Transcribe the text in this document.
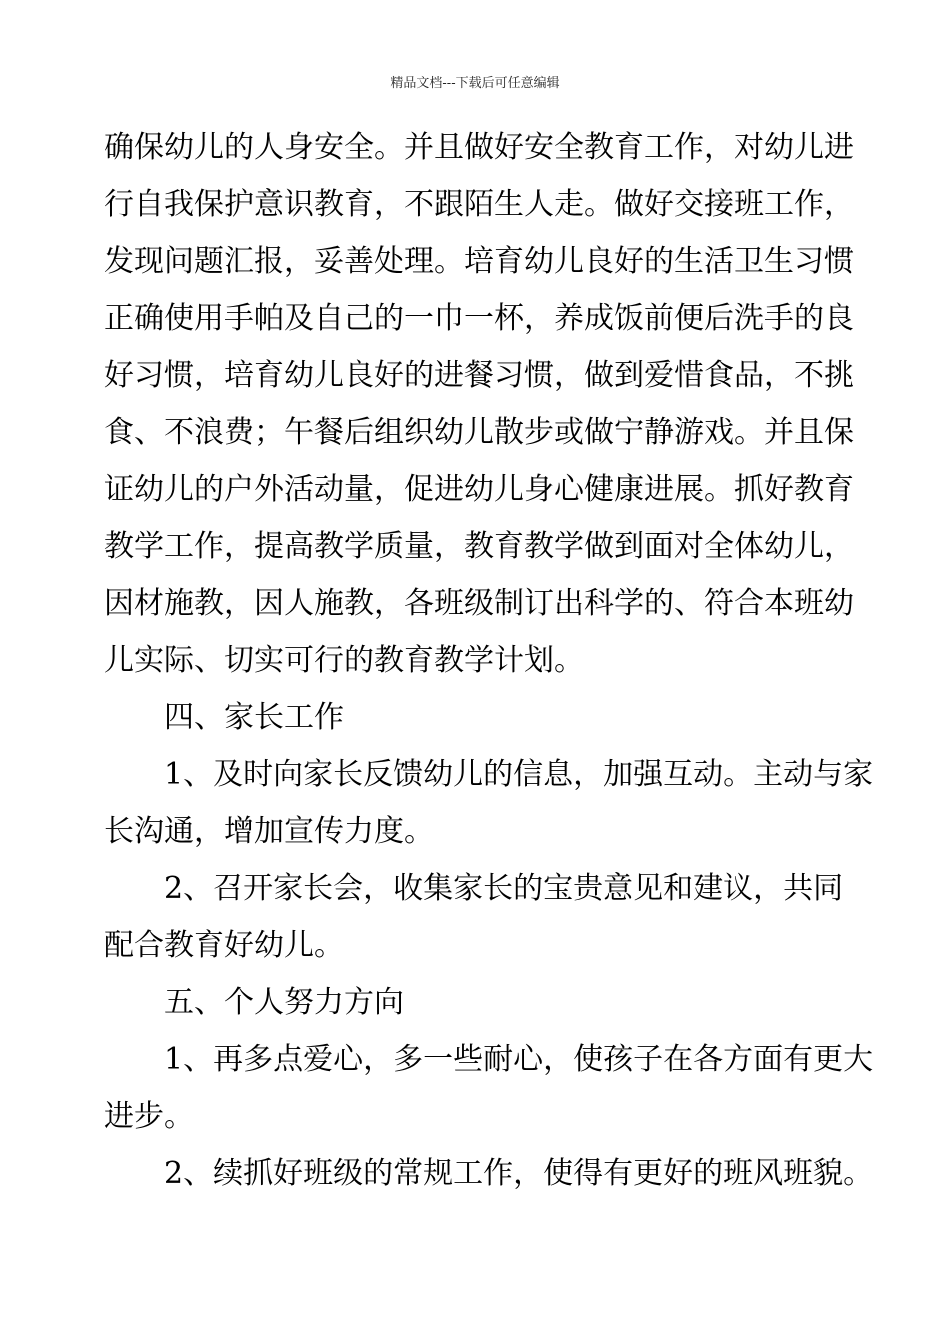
精品文档---下载后可任意编辑
确保幼儿的人身安全。并且做好安全教育工作，对幼儿进
行自我保护意识教育，不跟陌生人走。做好交接班工作，
发现问题汇报，妥善处理。培育幼儿良好的生活卫生习惯
正确使用手帕及自己的一巾一杯，养成饭前便后洗手的良
好习惯，培育幼儿良好的进餐习惯，做到爱惜食品，不挑
食、不浪费；午餐后组织幼儿散步或做宁静游戏。并且保
证幼儿的户外活动量，促进幼儿身心健康进展。抓好教育
教学工作，提高教学质量，教育教学做到面对全体幼儿，
因材施教，因人施教，各班级制订出科学的、符合本班幼
儿实际、切实可行的教育教学计划。
四、家长工作
1、及时向家长反馈幼儿的信息，加强互动。主动与家
长沟通，增加宣传力度。
2、召开家长会，收集家长的宝贵意见和建议，共同
配合教育好幼儿。
五、个人努力方向
1、再多点爱心，多一些耐心，使孩子在各方面有更大
进步。
2、续抓好班级的常规工作，使得有更好的班风班貌。
